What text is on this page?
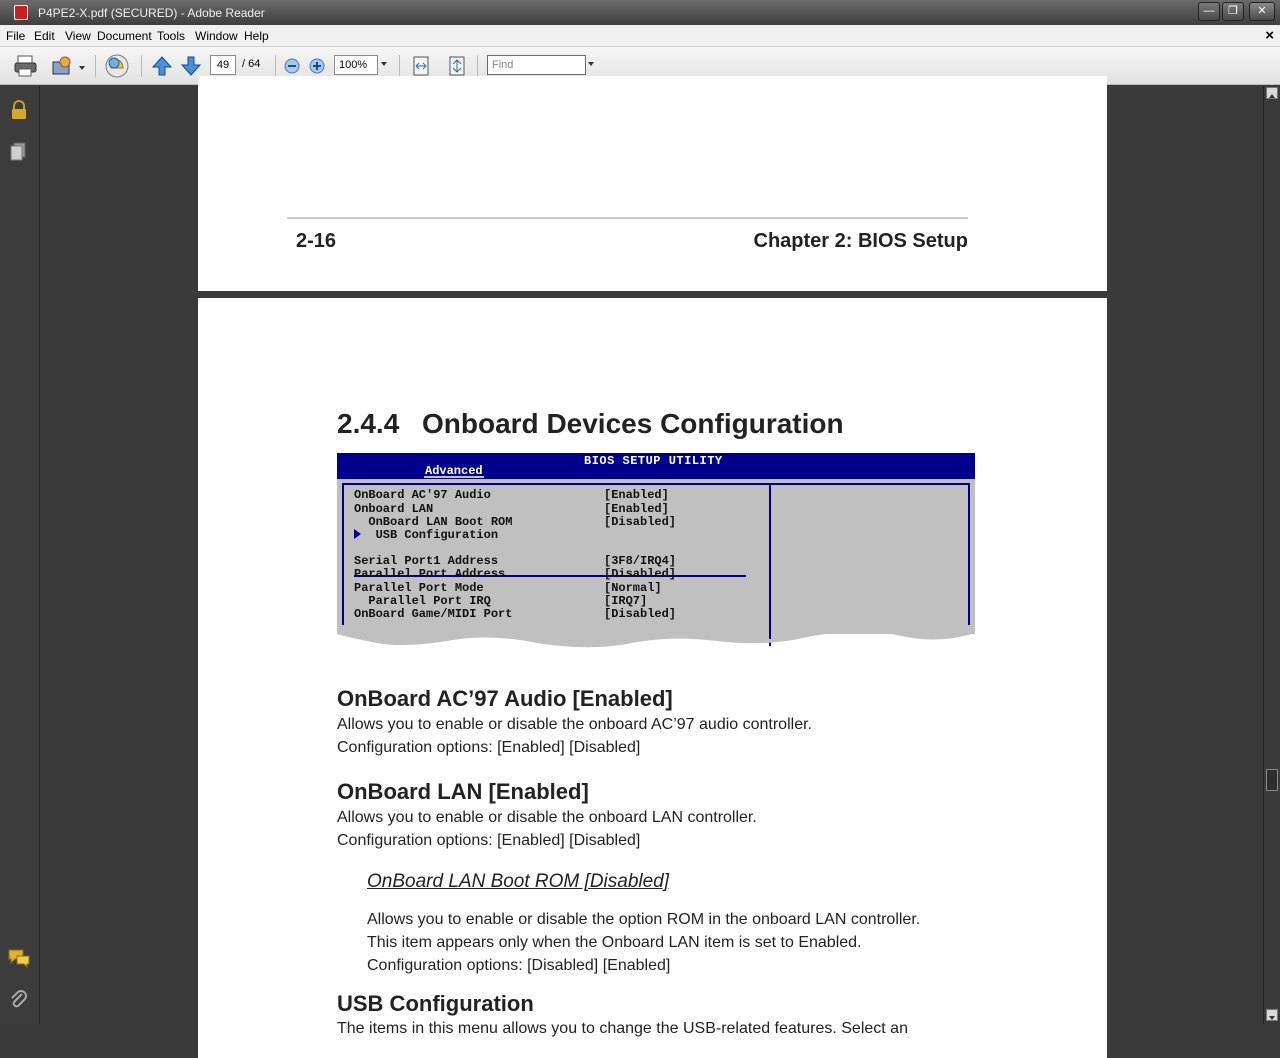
P4PE2-X.pdf (SECURED) - Adobe Reader	—	❐	✕
File Edit View Document Tools Window Help	×
49	/ 64	100%	Find
2-16	Chapter 2: BIOS Setup
2.4.4 Onboard Devices Configuration
BIOS SETUP UTILITY
Advanced
OnBoard AC'97 Audio	[Enabled]
Onboard LAN	[Enabled]
OnBoard LAN Boot ROM	[Disabled]
USB Configuration
Serial Port1 Address	[3F8/IRQ4]
Parallel Port Address	[Disabled]
Parallel Port Mode	[Normal]
Parallel Port IRQ	[IRQ7]
OnBoard Game/MIDI Port	[Disabled]
OnBoard AC’97 Audio [Enabled]
Allows you to enable or disable the onboard AC’97 audio controller.
Configuration options: [Enabled] [Disabled]
OnBoard LAN [Enabled]
Allows you to enable or disable the onboard LAN controller.
Configuration options: [Enabled] [Disabled]
OnBoard LAN Boot ROM [Disabled]
Allows you to enable or disable the option ROM in the onboard LAN controller.
This item appears only when the Onboard LAN item is set to Enabled.
Configuration options: [Disabled] [Enabled]
USB Configuration
The items in this menu allows you to change the USB-related features. Select an
